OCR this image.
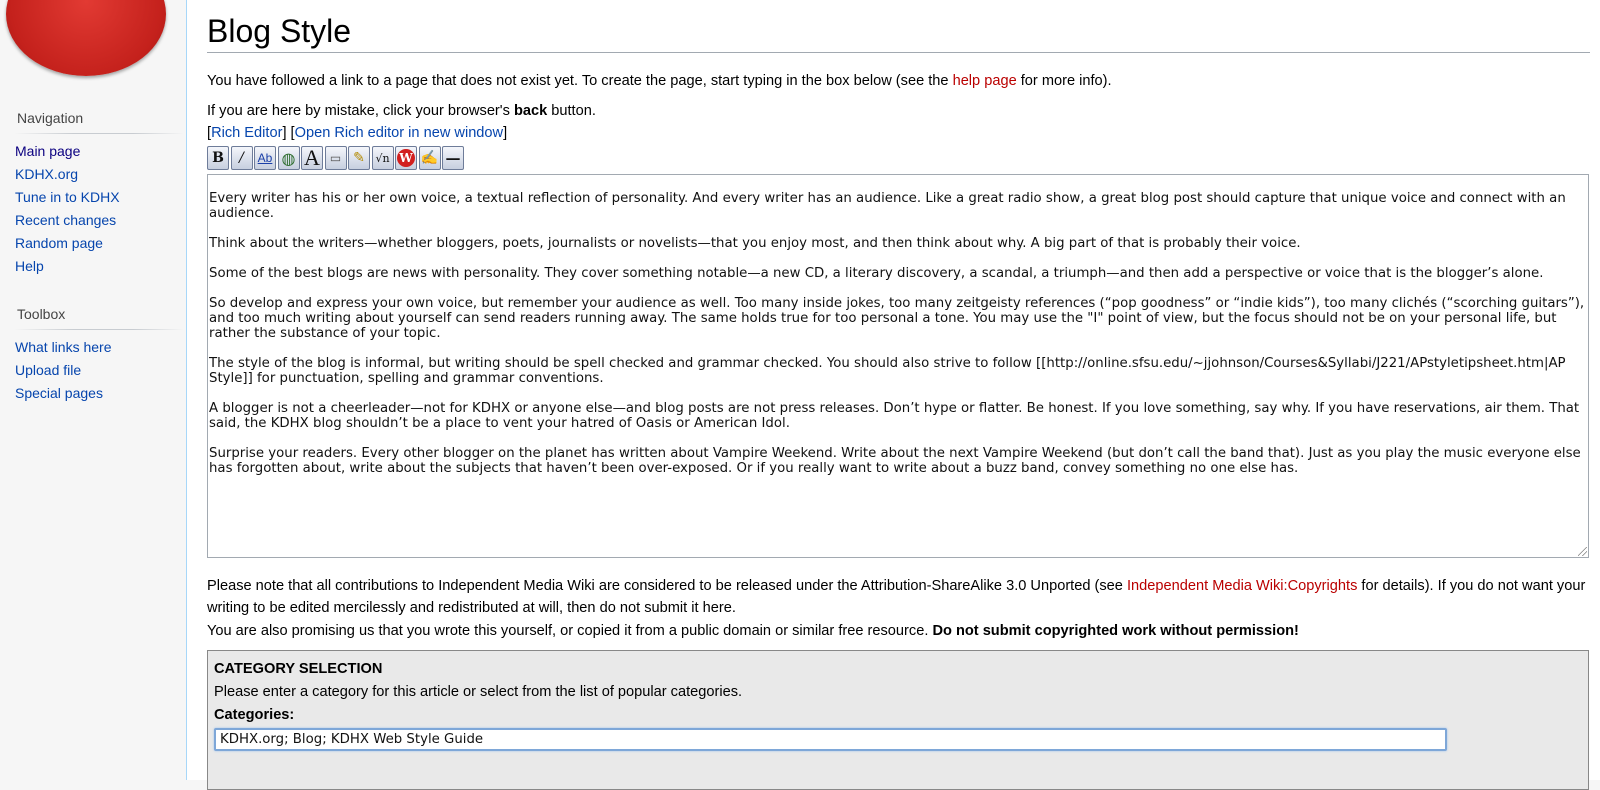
Navigation
Main page
KDHX.org
Tune in to KDHX
Recent changes
Random page
Help
Toolbox
What links here
Upload file
Special pages
Blog Style
You have followed a link to a page that does not exist yet. To create the page, start typing in the box below (see the help page for more info).
If you are here by mistake, click your browser's back button.
[Rich Editor] [Open Rich editor in new window]
B / Ab ◍ A ▭ ✎ √n W ✍ —

Every writer has his or her own voice, a textual reflection of personality. And every writer has an audience. Like a great radio show, a great blog post should capture that unique voice and connect with an audience.

Think about the writers—whether bloggers, poets, journalists or novelists—that you enjoy most, and then think about why. A big part of that is probably their voice.

Some of the best blogs are news with personality. They cover something notable—a new CD, a literary discovery, a scandal, a triumph—and then add a perspective or voice that is the blogger’s alone.

So develop and express your own voice, but remember your audience as well. Too many inside jokes, too many zeitgeisty references (“pop goodness” or “indie kids”), too many clichés (“scorching guitars”), and too much writing about yourself can send readers running away. The same holds true for too personal a tone. You may use the "I" point of view, but the focus should not be on your personal life, but rather the substance of your topic.

The style of the blog is informal, but writing should be spell checked and grammar checked. You should also strive to follow [[http://online.sfsu.edu/~jjohnson/Courses&Syllabi/J221/APstyletipsheet.htm|AP Style]] for punctuation, spelling and grammar conventions.

A blogger is not a cheerleader—not for KDHX or anyone else—and blog posts are not press releases. Don’t hype or flatter. Be honest. If you love something, say why. If you have reservations, air them. That said, the KDHX blog shouldn’t be a place to vent your hatred of Oasis or American Idol.

Surprise your readers. Every other blogger on the planet has written about Vampire Weekend. Write about the next Vampire Weekend (but don’t call the band that). Just as you play the music everyone else has forgotten about, write about the subjects that haven’t been over-exposed. Or if you really want to write about a buzz band, convey something no one else has.

Please note that all contributions to Independent Media Wiki are considered to be released under the Attribution-ShareAlike 3.0 Unported (see Independent Media Wiki:Copyrights for details). If you do not want your writing to be edited mercilessly and redistributed at will, then do not submit it here.
You are also promising us that you wrote this yourself, or copied it from a public domain or similar free resource. Do not submit copyrighted work without permission!
CATEGORY SELECTION
Please enter a category for this article or select from the list of popular categories.
Categories:
KDHX.org; Blog; KDHX Web Style Guide
